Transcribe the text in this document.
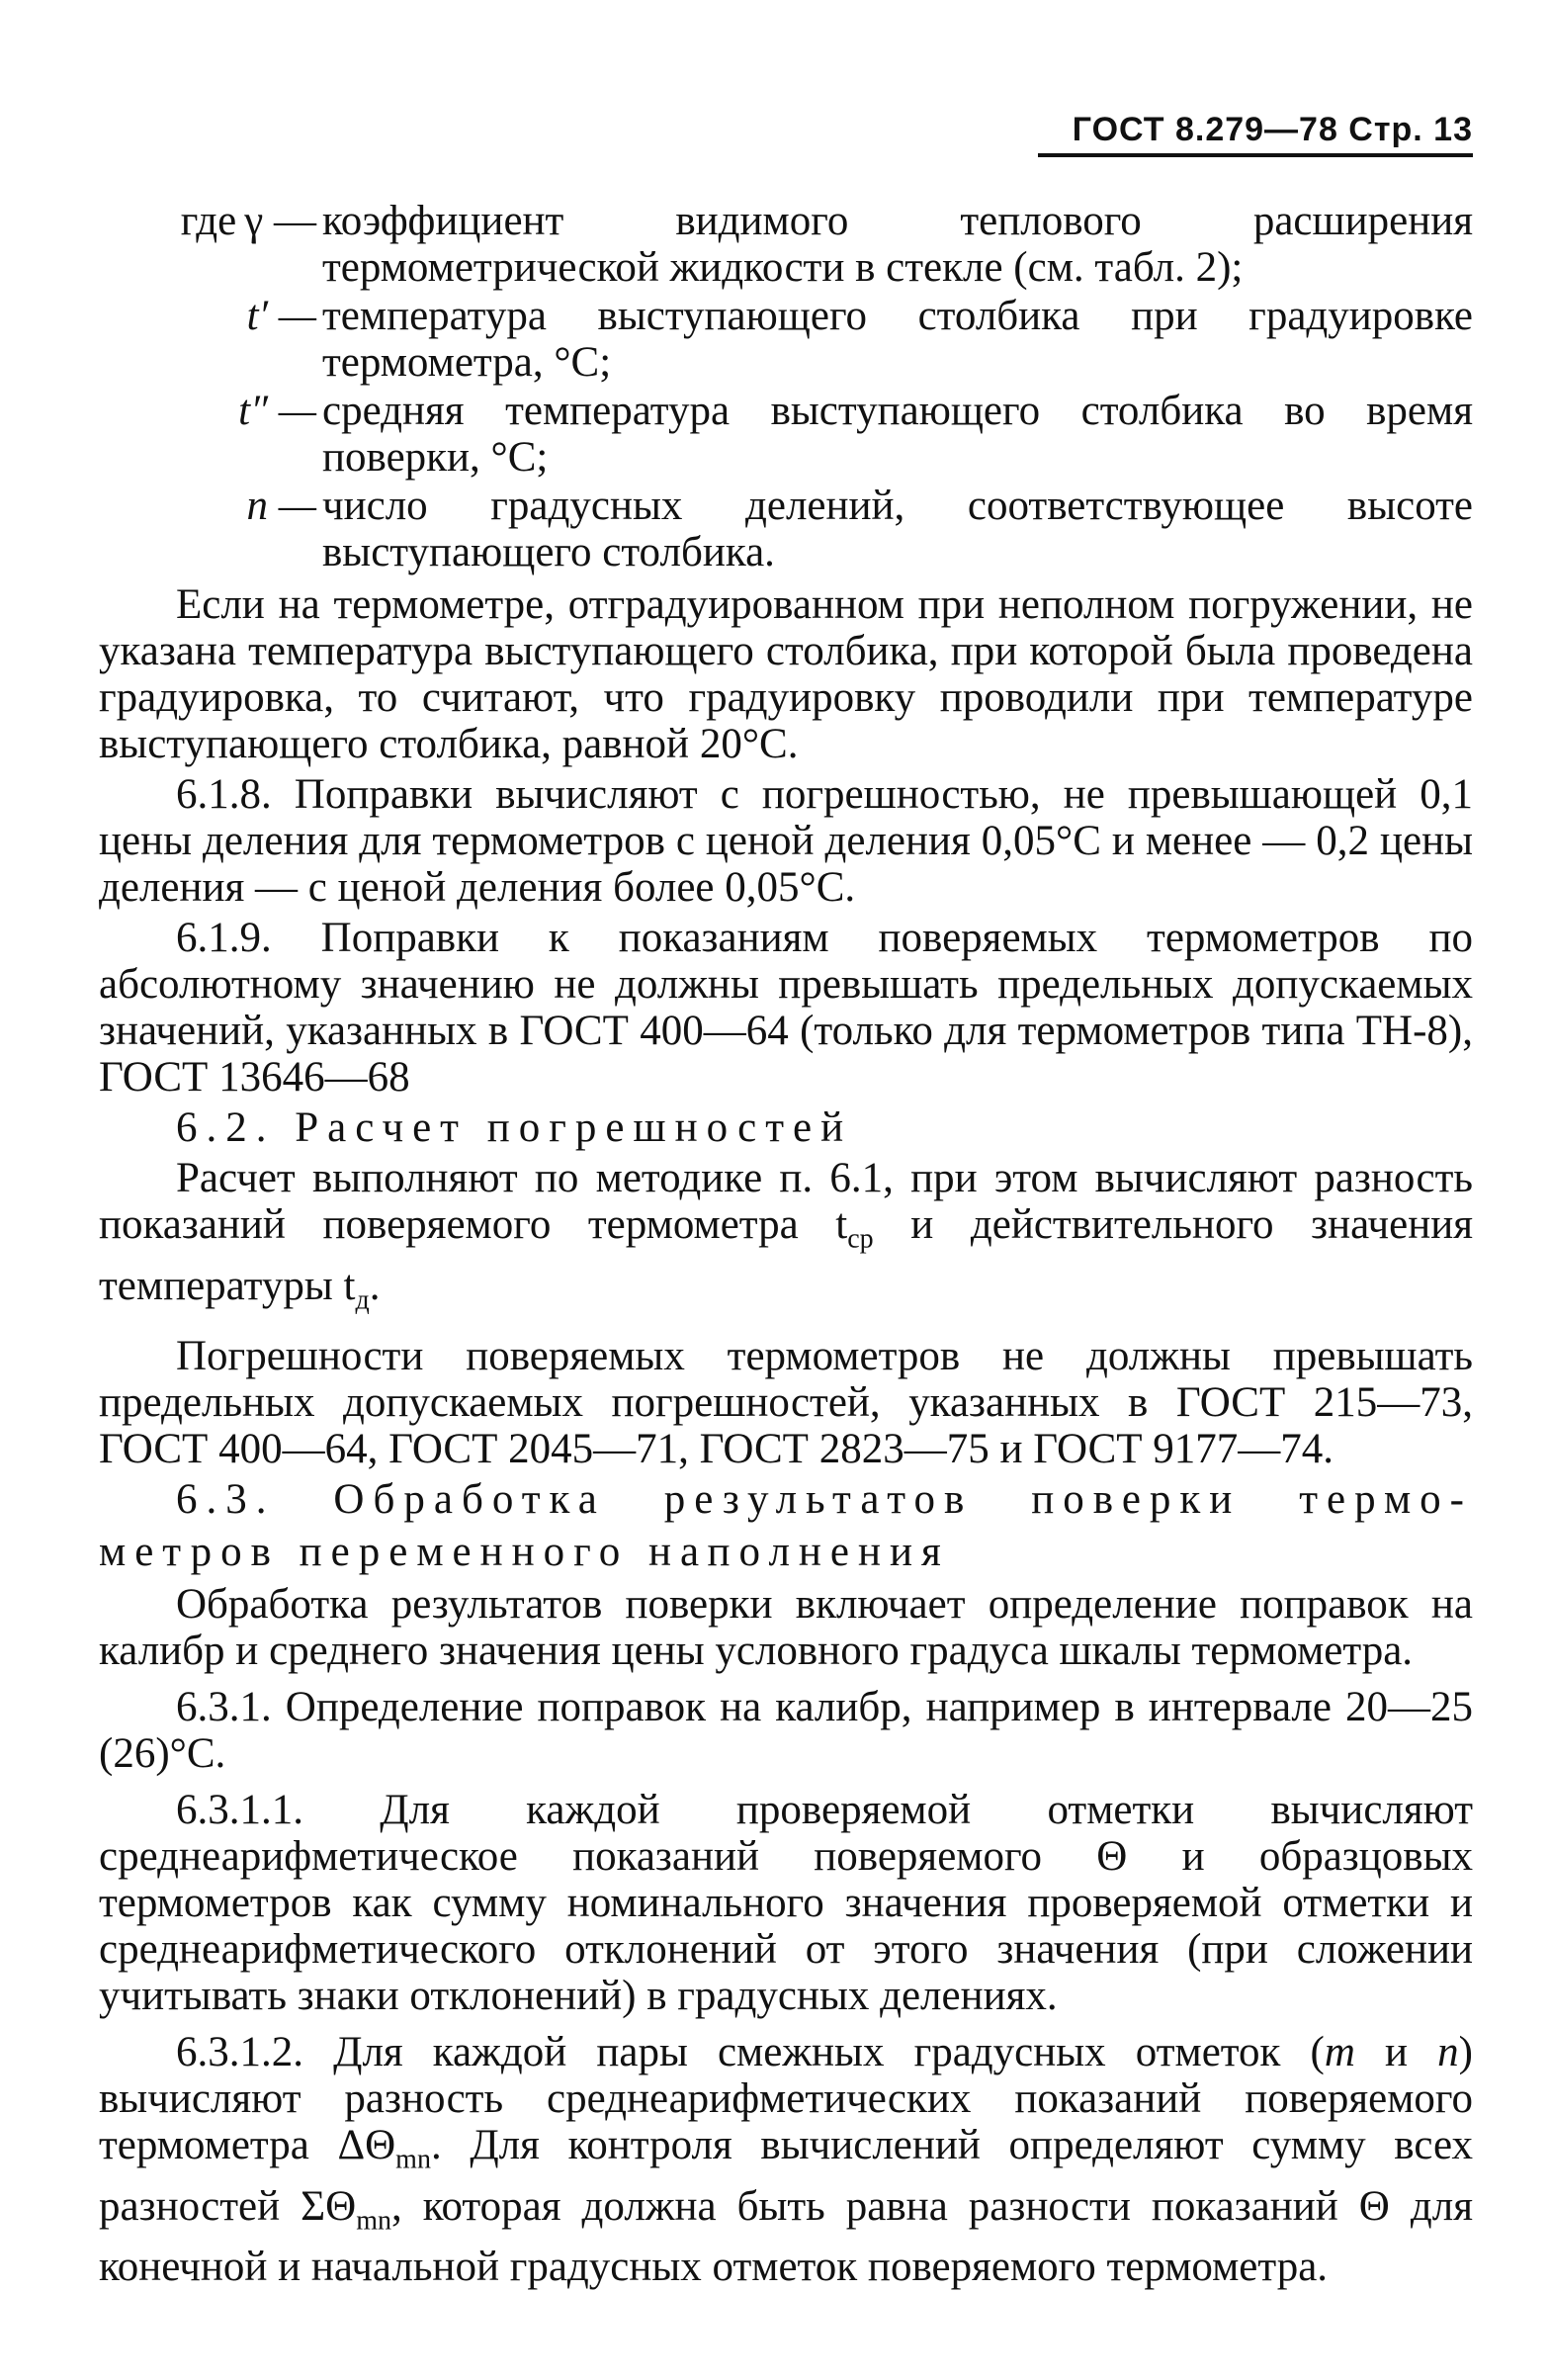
ГОСТ 8.279—78 Стр. 13
где γ — коэффициент видимого теплового расширения термометрической жидкости в стекле (см. табл. 2);
t′ — температура выступающего столбика при градуировке термометра, °С;
t″ — средняя температура выступающего столбика во время поверки, °С;
n — число градусных делений, соответствующее высоте выступающего столбика.

Если на термометре, отградуированном при неполном погружении, не указана температура выступающего столбика, при которой была проведена градуировка, то считают, что градуировку проводили при температуре выступающего столбика, равной 20°С.

6.1.8. Поправки вычисляют с погрешностью, не превышающей 0,1 цены деления для термометров с ценой деления 0,05°С и менее — 0,2 цены деления — с ценой деления более 0,05°С.

6.1.9. Поправки к показаниям поверяемых термометров по абсолютному значению не должны превышать предельных допускаемых значений, указанных в ГОСТ 400—64 (только для термометров типа ТН-8), ГОСТ 13646—68

6.2. Расчет погрешностей

Расчет выполняют по методике п. 6.1, при этом вычисляют разность показаний поверяемого термометра $t_{ср}$ и действительного значения температуры $t_д$.

Погрешности поверяемых термометров не должны превышать предельных допускаемых погрешностей, указанных в ГОСТ 215—73, ГОСТ 400—64, ГОСТ 2045—71, ГОСТ 2823—75 и ГОСТ 9177—74.

6.3. Обработка результатов поверки термо-

метров переменного наполнения

Обработка результатов поверки включает определение поправок на калибр и среднего значения цены условного градуса шкалы термометра.

6.3.1. Определение поправок на калибр, например в интервале 20—25 (26)°С.

6.3.1.1. Для каждой проверяемой отметки вычисляют среднеарифметическое показаний поверяемого Θ и образцовых термометров как сумму номинального значения проверяемой отметки и среднеарифметического отклонений от этого значения (при сложении учитывать знаки отклонений) в градусных делениях.

6.3.1.2. Для каждой пары смежных градусных отметок (m и n) вычисляют разность среднеарифметических показаний поверяемого термометра $\Delta\Theta_{mn}$. Для контроля вычислений определяют сумму всех разностей $\Sigma\Theta_{mn}$, которая должна быть равна разности показаний Θ для конечной и начальной градусных отметок поверяемого термометра.
